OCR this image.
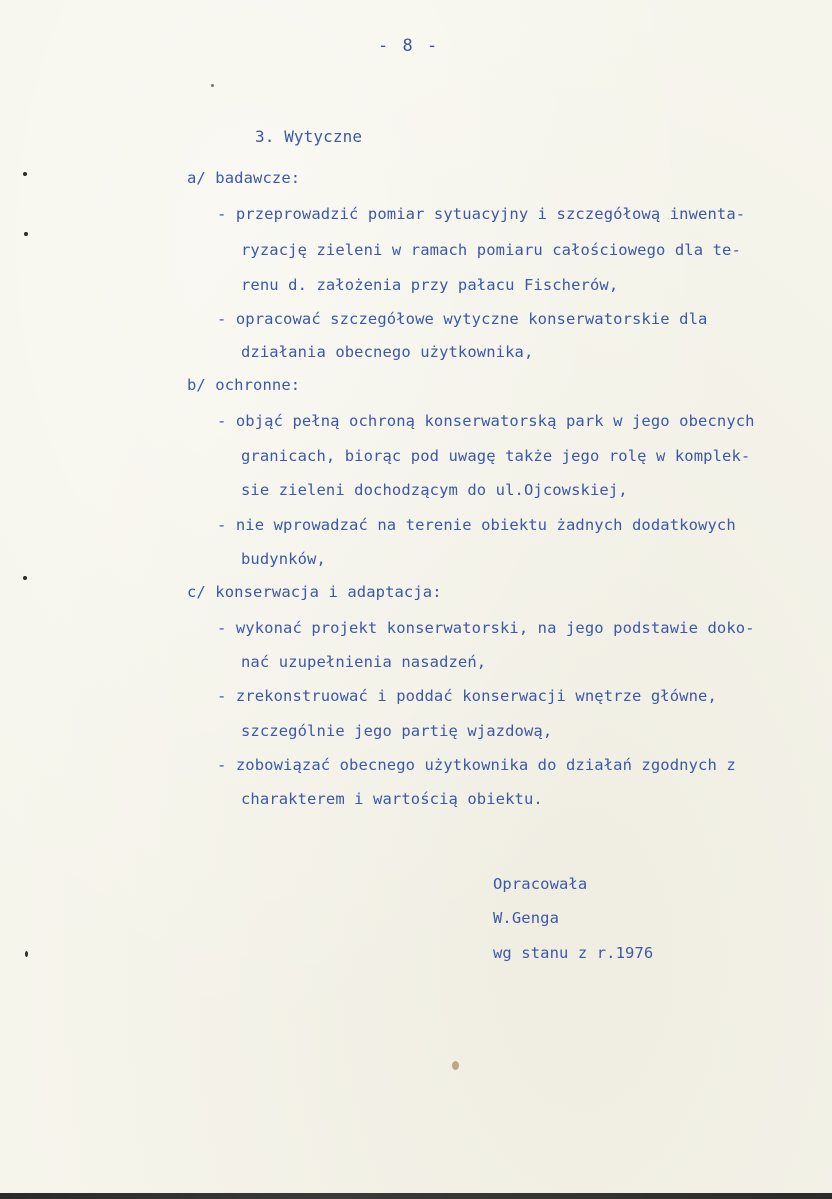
- 8 -
3. Wytyczne
a/ badawcze:
- przeprowadzić pomiar sytuacyjny i szczegółową inwenta-
ryzację zieleni w ramach pomiaru całościowego dla te-
renu d. założenia przy pałacu Fischerów,
- opracować szczegółowe wytyczne konserwatorskie dla
działania obecnego użytkownika,
b/ ochronne:
- objąć pełną ochroną konserwatorską park w jego obecnych
granicach, biorąc pod uwagę także jego rolę w komplek-
sie zieleni dochodzącym do ul.Ojcowskiej,
- nie wprowadzać na terenie obiektu żadnych dodatkowych
budynków,
c/ konserwacja i adaptacja:
- wykonać projekt konserwatorski, na jego podstawie doko-
nać uzupełnienia nasadzeń,
- zrekonstruować i poddać konserwacji wnętrze główne,
szczególnie jego partię wjazdową,
- zobowiązać obecnego użytkownika do działań zgodnych z
charakterem i wartością obiektu.
Opracowała
W.Genga
wg stanu z r.1976
